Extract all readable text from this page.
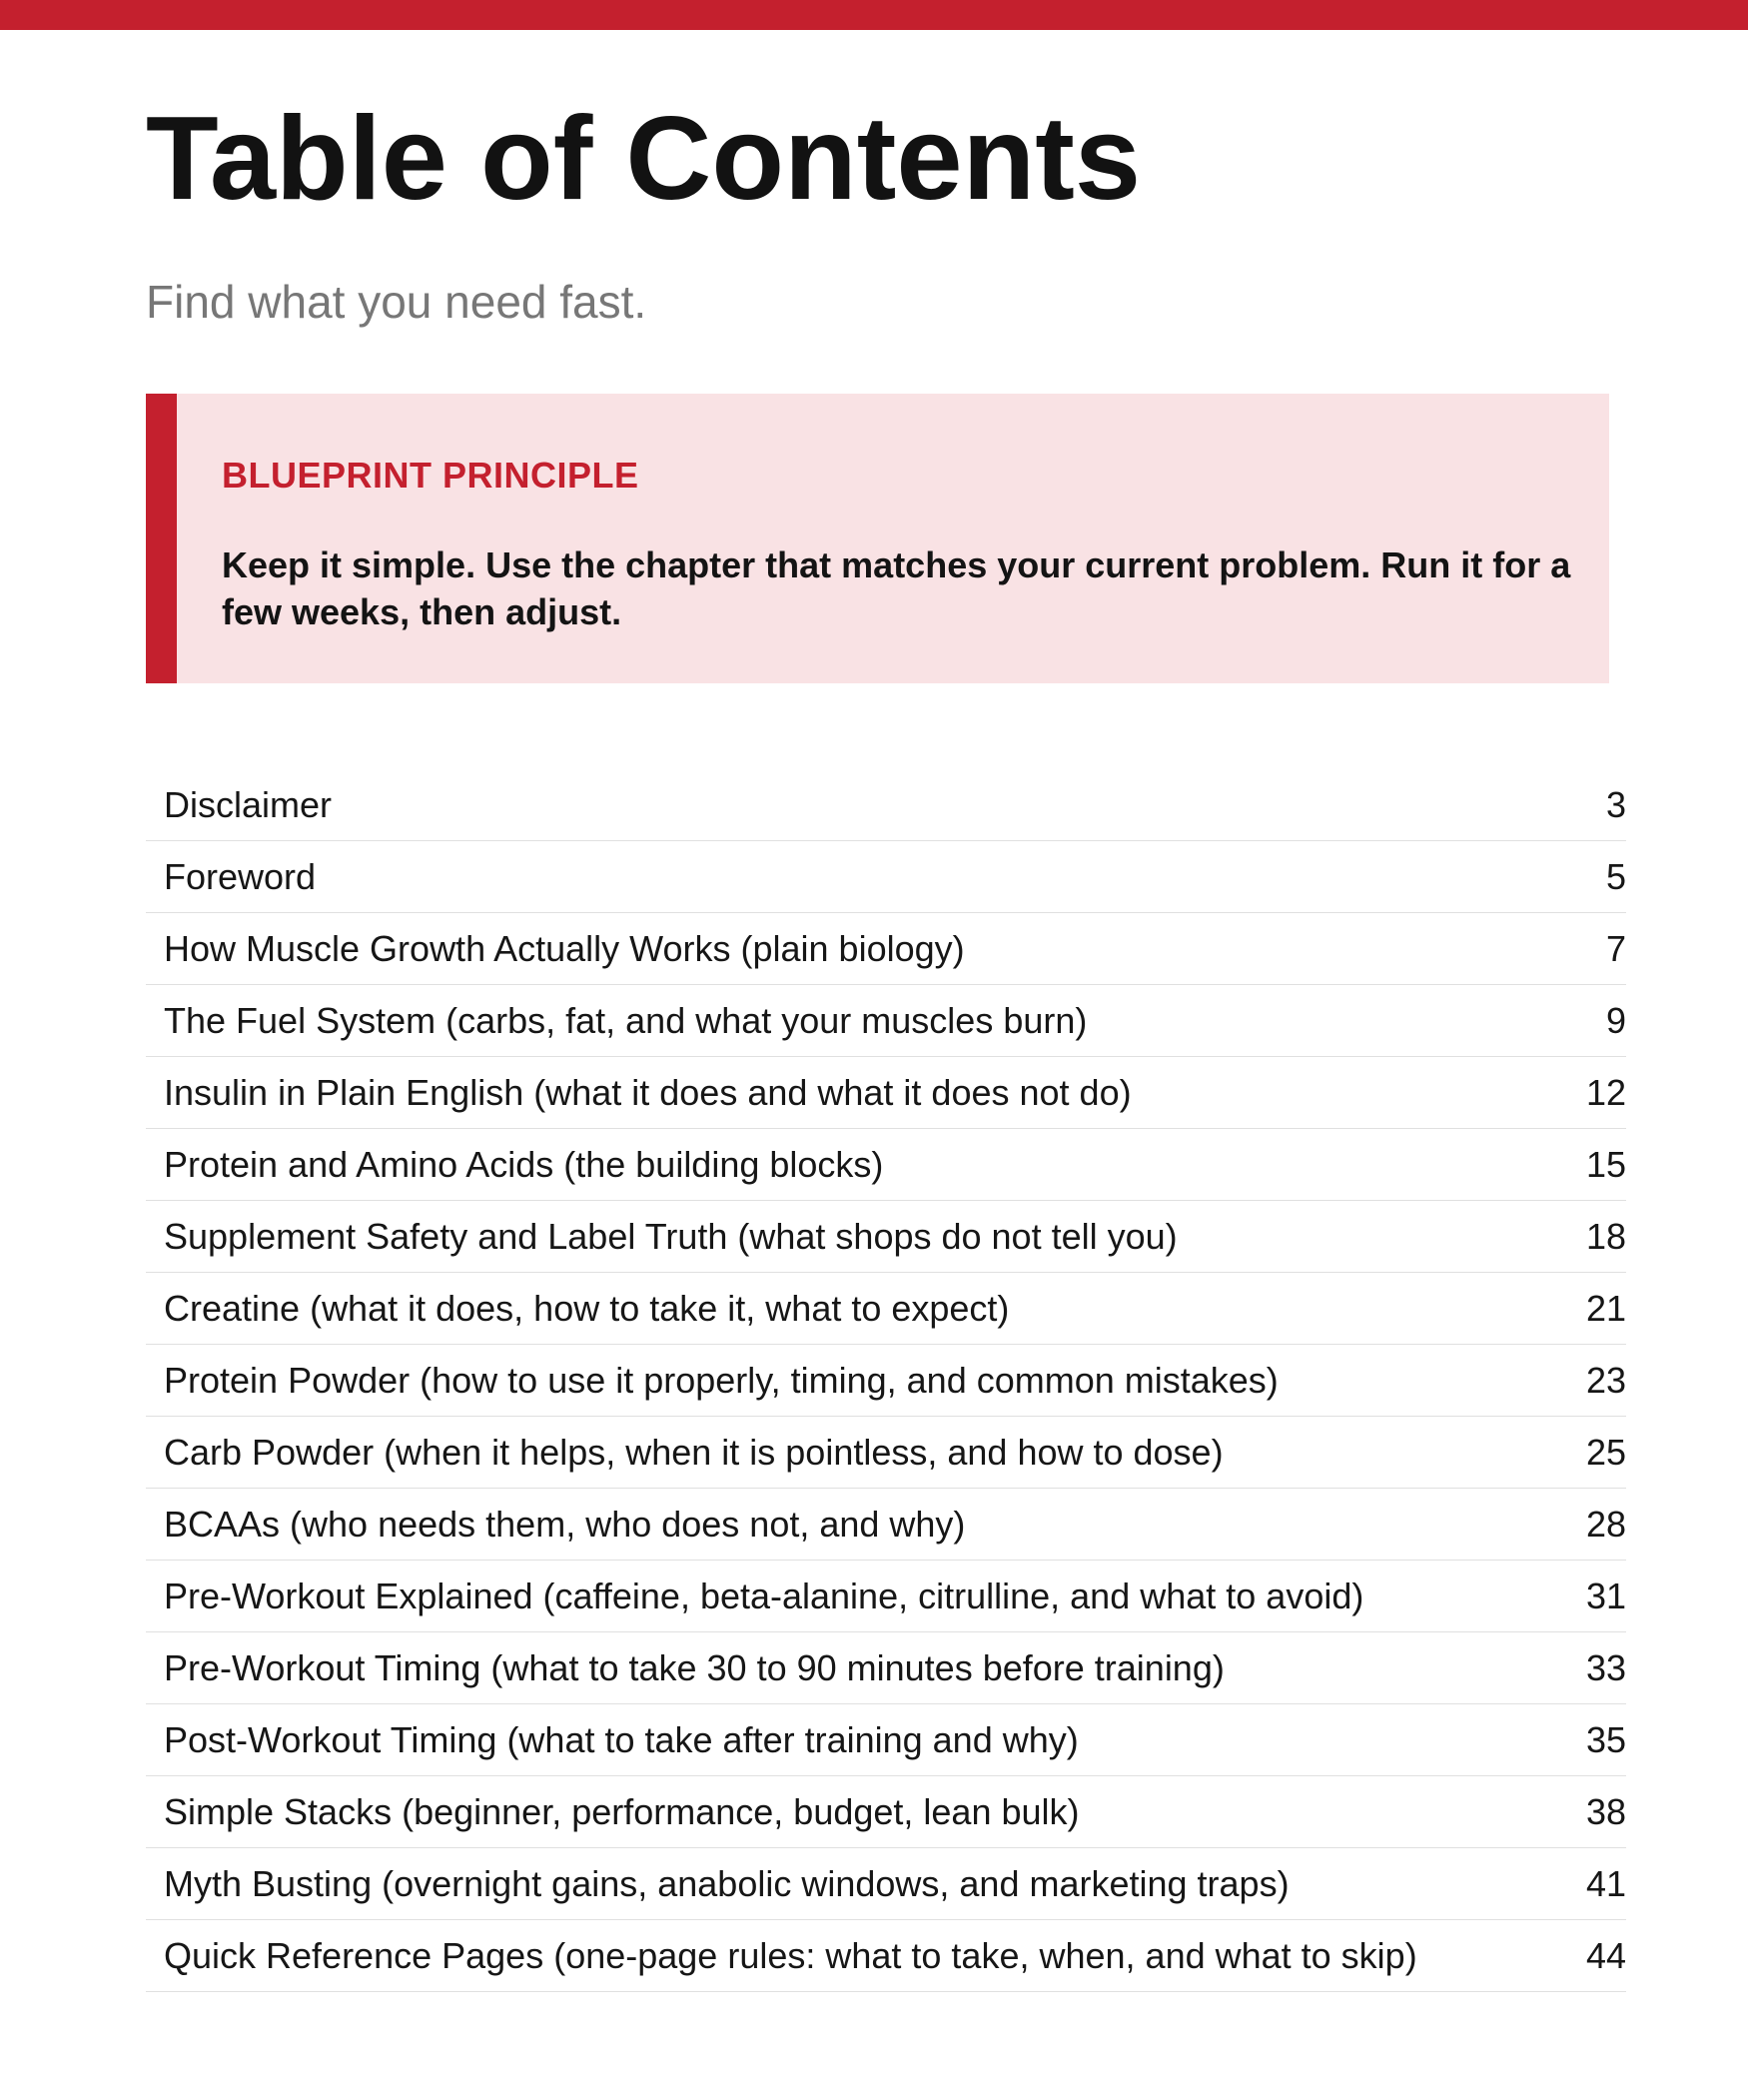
Table of Contents

Find what you need fast.

BLUEPRINT PRINCIPLE

Keep it simple. Use the chapter that matches your current problem. Run it for a few weeks, then adjust.

Disclaimer	3
Foreword	5
How Muscle Growth Actually Works (plain biology)	7
The Fuel System (carbs, fat, and what your muscles burn)	9
Insulin in Plain English (what it does and what it does not do)	12
Protein and Amino Acids (the building blocks)	15
Supplement Safety and Label Truth (what shops do not tell you)	18
Creatine (what it does, how to take it, what to expect)	21
Protein Powder (how to use it properly, timing, and common mistakes)	23
Carb Powder (when it helps, when it is pointless, and how to dose)	25
BCAAs (who needs them, who does not, and why)	28
Pre-Workout Explained (caffeine, beta-alanine, citrulline, and what to avoid)	31
Pre-Workout Timing (what to take 30 to 90 minutes before training)	33
Post-Workout Timing (what to take after training and why)	35
Simple Stacks (beginner, performance, budget, lean bulk)	38
Myth Busting (overnight gains, anabolic windows, and marketing traps)	41
Quick Reference Pages (one-page rules: what to take, when, and what to skip)	44
